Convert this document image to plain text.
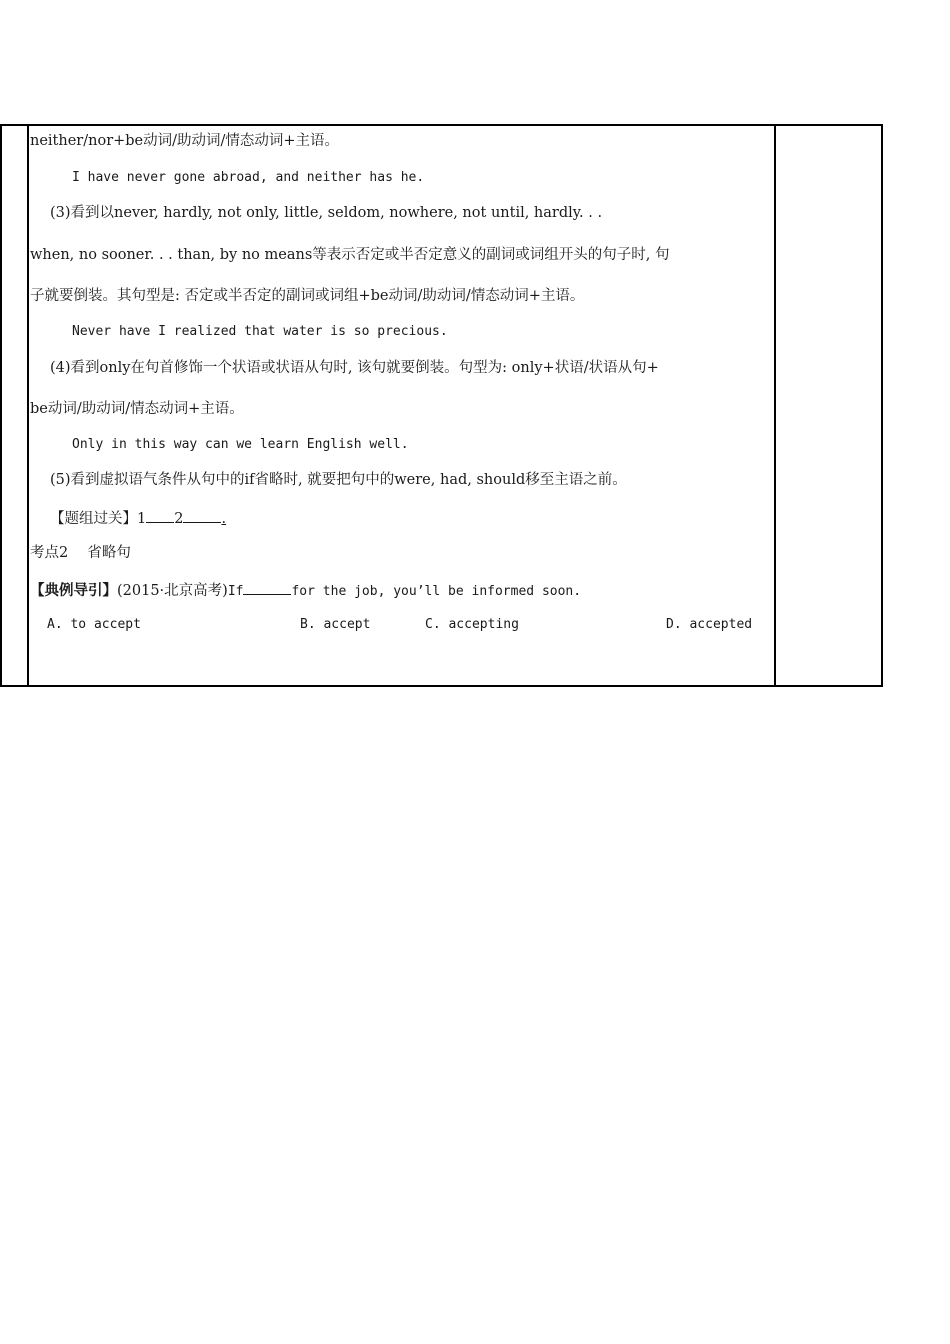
neither/nor+be动词/助动词/情态动词+主语。
I have never gone abroad, and neither has he.
(3)看到以never, hardly, not only, little, seldom, nowhere, not until, hardly. . .
when, no sooner. . . than, by no means等表示否定或半否定意义的副词或词组开头的句子时, 句
子就要倒装。其句型是: 否定或半否定的副词或词组+be动词/助动词/情态动词+主语。
Never have I realized that water is so precious.
(4)看到only在句首修饰一个状语或状语从句时, 该句就要倒装。句型为: only+状语/状语从句+
be动词/助动词/情态动词+主语。
Only in this way can we learn English well.
(5)看到虚拟语气条件从句中的if省略时, 就要把句中的were, had, should移至主语之前。
【题组过关】1 2	.
考点2　 省略句
【典例导引】(2015·北京高考)If	for the job, you’ll be informed soon.
A. to accept	B. accept	C. accepting	D. accepted
